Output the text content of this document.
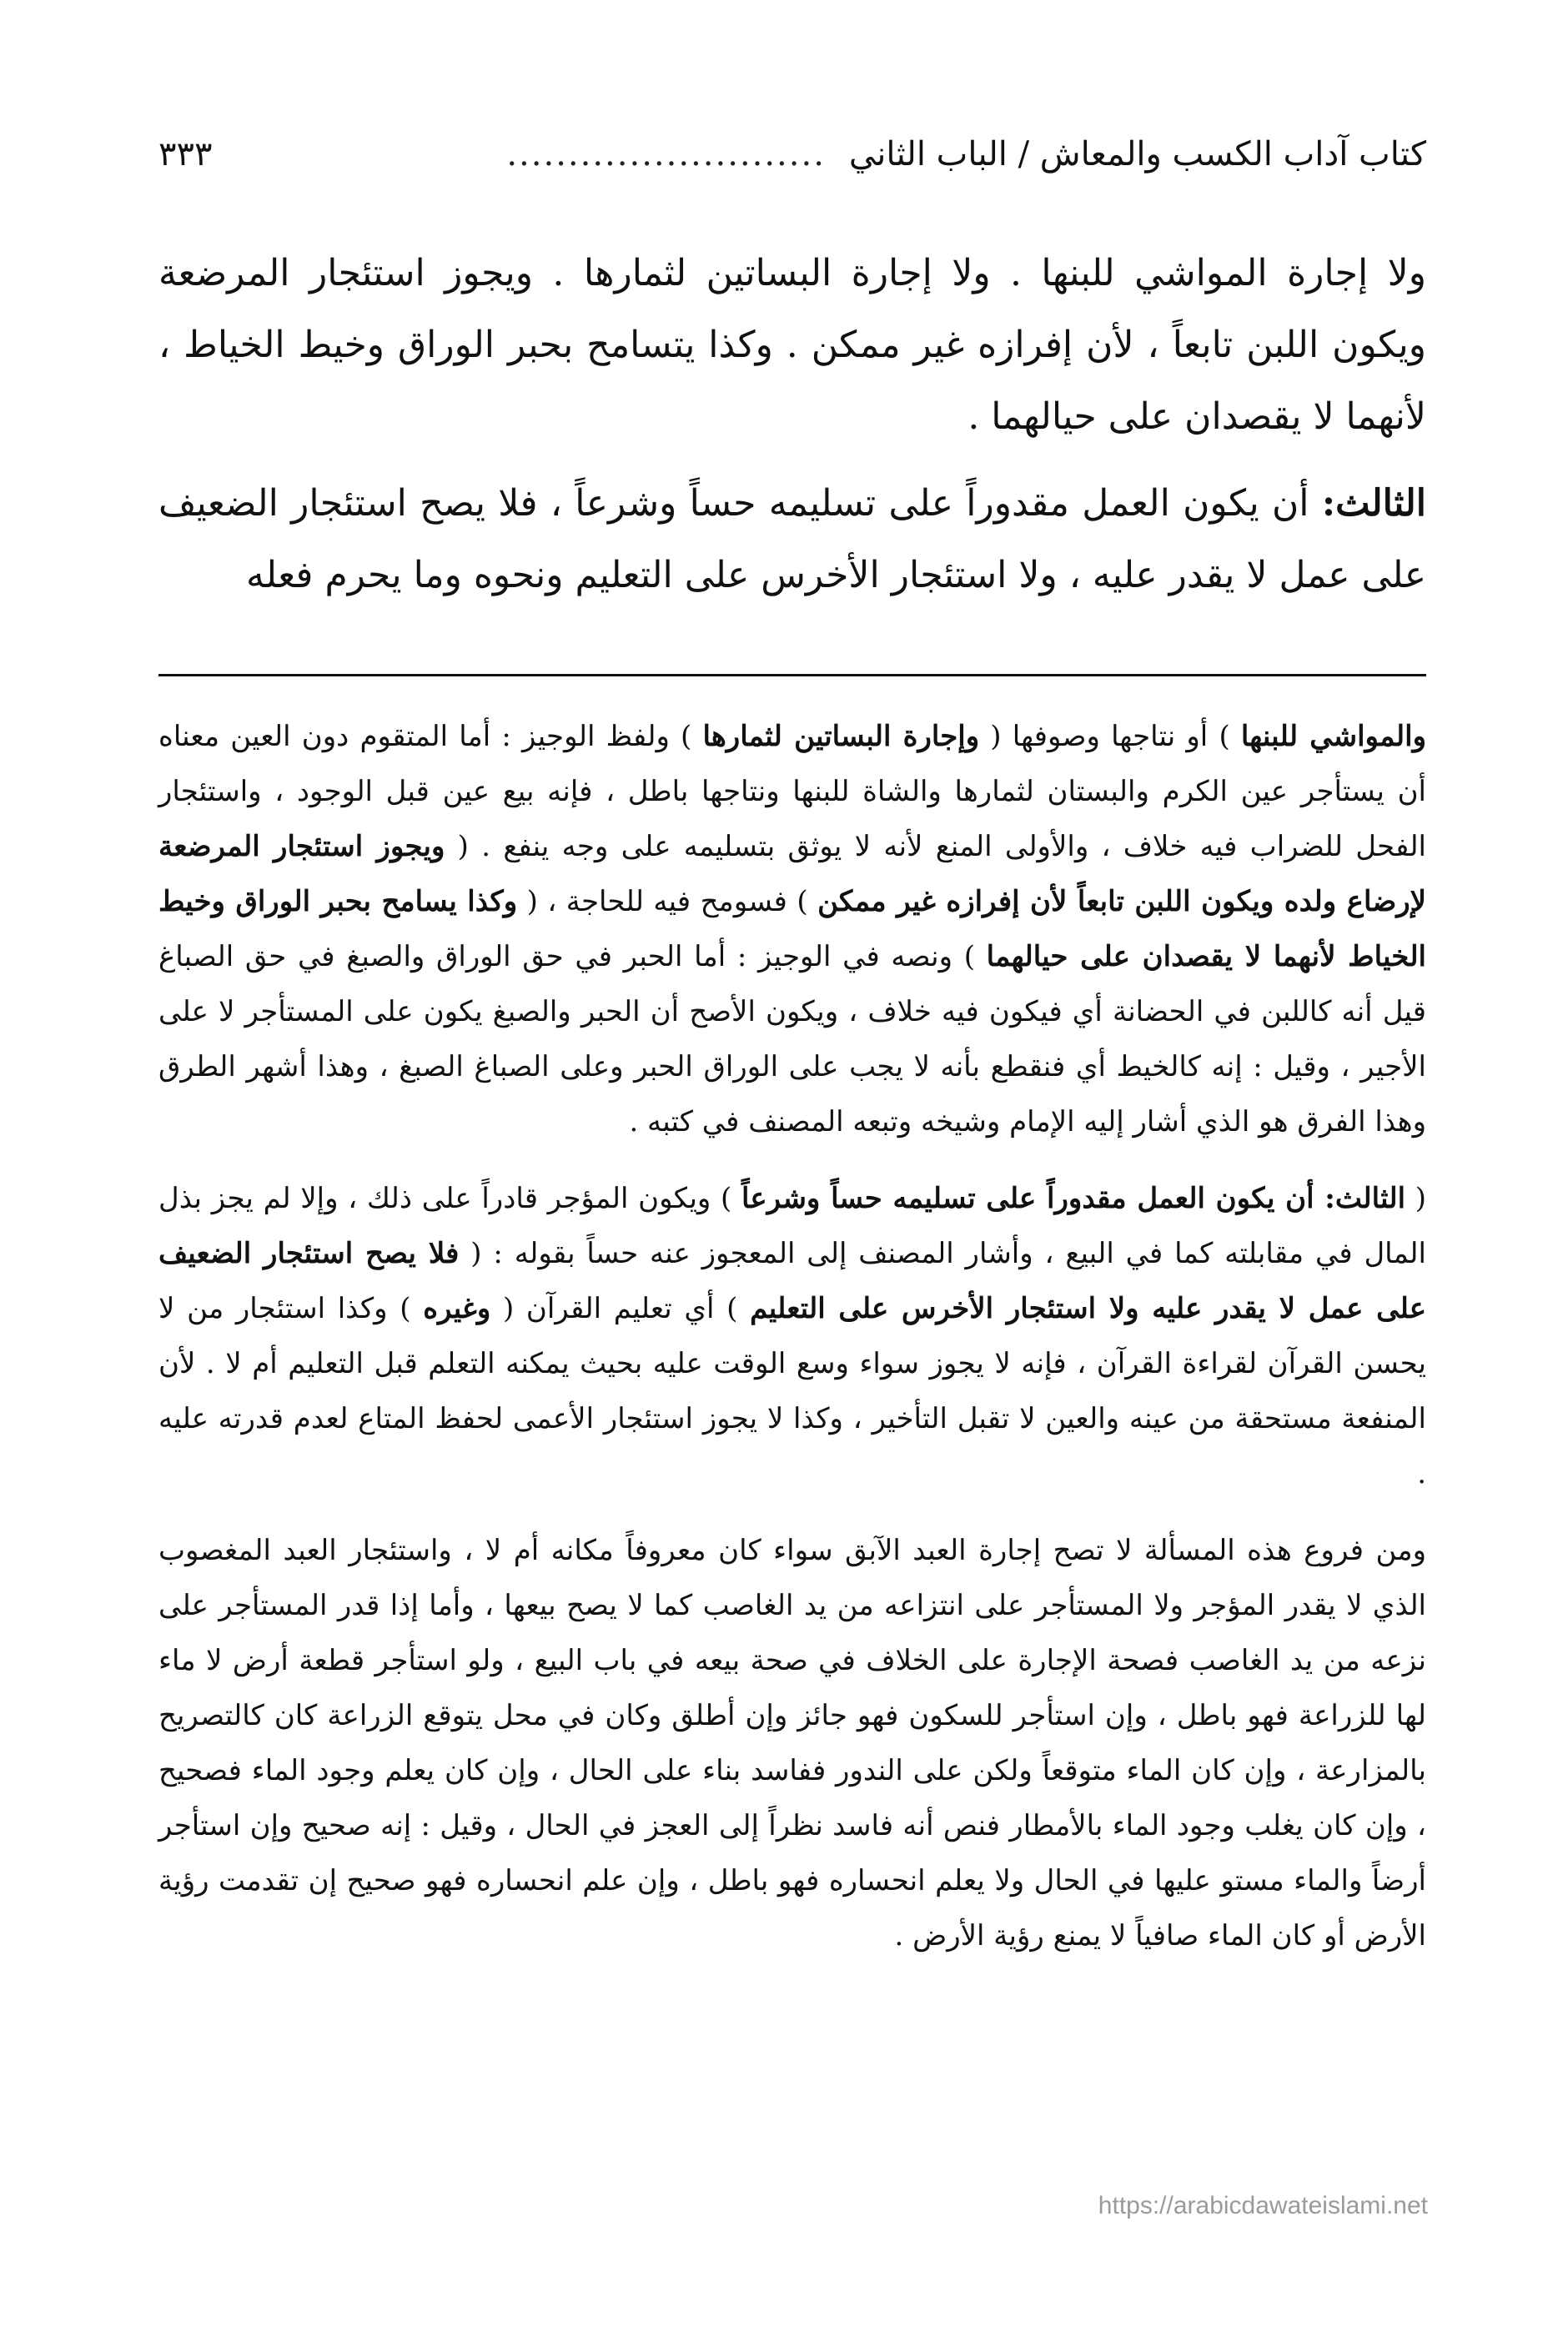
كتاب آداب الكسب والمعاش / الباب الثاني
..........................
٣٣٣

ولا إجارة المواشي للبنها . ولا إجارة البساتين لثمارها . ويجوز استئجار المرضعة ويكون اللبن تابعاً ، لأن إفرازه غير ممكن . وكذا يتسامح بحبر الوراق وخيط الخياط ، لأنهما لا يقصدان على حيالهما .

الثالث: أن يكون العمل مقدوراً على تسليمه حساً وشرعاً ، فلا يصح استئجار الضعيف على عمل لا يقدر عليه ، ولا استئجار الأخرس على التعليم ونحوه وما يحرم فعله

والمواشي للبنها ) أو نتاجها وصوفها ( وإجارة البساتين لثمارها ) ولفظ الوجيز : أما المتقوم دون العين معناه أن يستأجر عين الكرم والبستان لثمارها والشاة للبنها ونتاجها باطل ، فإنه بيع عين قبل الوجود ، واستئجار الفحل للضراب فيه خلاف ، والأولى المنع لأنه لا يوثق بتسليمه على وجه ينفع . ( ويجوز استئجار المرضعة لإرضاع ولده ويكون اللبن تابعاً لأن إفرازه غير ممكن ) فسومح فيه للحاجة ، ( وكذا يسامح بحبر الوراق وخيط الخياط لأنهما لا يقصدان على حيالهما ) ونصه في الوجيز : أما الحبر في حق الوراق والصبغ في حق الصباغ قيل أنه كاللبن في الحضانة أي فيكون فيه خلاف ، ويكون الأصح أن الحبر والصبغ يكون على المستأجر لا على الأجير ، وقيل : إنه كالخيط أي فنقطع بأنه لا يجب على الوراق الحبر وعلى الصباغ الصبغ ، وهذا أشهر الطرق وهذا الفرق هو الذي أشار إليه الإمام وشيخه وتبعه المصنف في كتبه .

( الثالث: أن يكون العمل مقدوراً على تسليمه حساً وشرعاً ) ويكون المؤجر قادراً على ذلك ، وإلا لم يجز بذل المال في مقابلته كما في البيع ، وأشار المصنف إلى المعجوز عنه حساً بقوله : ( فلا يصح استئجار الضعيف على عمل لا يقدر عليه ولا استئجار الأخرس على التعليم ) أي تعليم القرآن ( وغيره ) وكذا استئجار من لا يحسن القرآن لقراءة القرآن ، فإنه لا يجوز سواء وسع الوقت عليه بحيث يمكنه التعلم قبل التعليم أم لا . لأن المنفعة مستحقة من عينه والعين لا تقبل التأخير ، وكذا لا يجوز استئجار الأعمى لحفظ المتاع لعدم قدرته عليه .

ومن فروع هذه المسألة لا تصح إجارة العبد الآبق سواء كان معروفاً مكانه أم لا ، واستئجار العبد المغصوب الذي لا يقدر المؤجر ولا المستأجر على انتزاعه من يد الغاصب كما لا يصح بيعها ، وأما إذا قدر المستأجر على نزعه من يد الغاصب فصحة الإجارة على الخلاف في صحة بيعه في باب البيع ، ولو استأجر قطعة أرض لا ماء لها للزراعة فهو باطل ، وإن استأجر للسكون فهو جائز وإن أطلق وكان في محل يتوقع الزراعة كان كالتصريح بالمزارعة ، وإن كان الماء متوقعاً ولكن على الندور ففاسد بناء على الحال ، وإن كان يعلم وجود الماء فصحيح ، وإن كان يغلب وجود الماء بالأمطار فنص أنه فاسد نظراً إلى العجز في الحال ، وقيل : إنه صحيح وإن استأجر أرضاً والماء مستو عليها في الحال ولا يعلم انحساره فهو باطل ، وإن علم انحساره فهو صحيح إن تقدمت رؤية الأرض أو كان الماء صافياً لا يمنع رؤية الأرض .

https://arabicdawateislami.net
